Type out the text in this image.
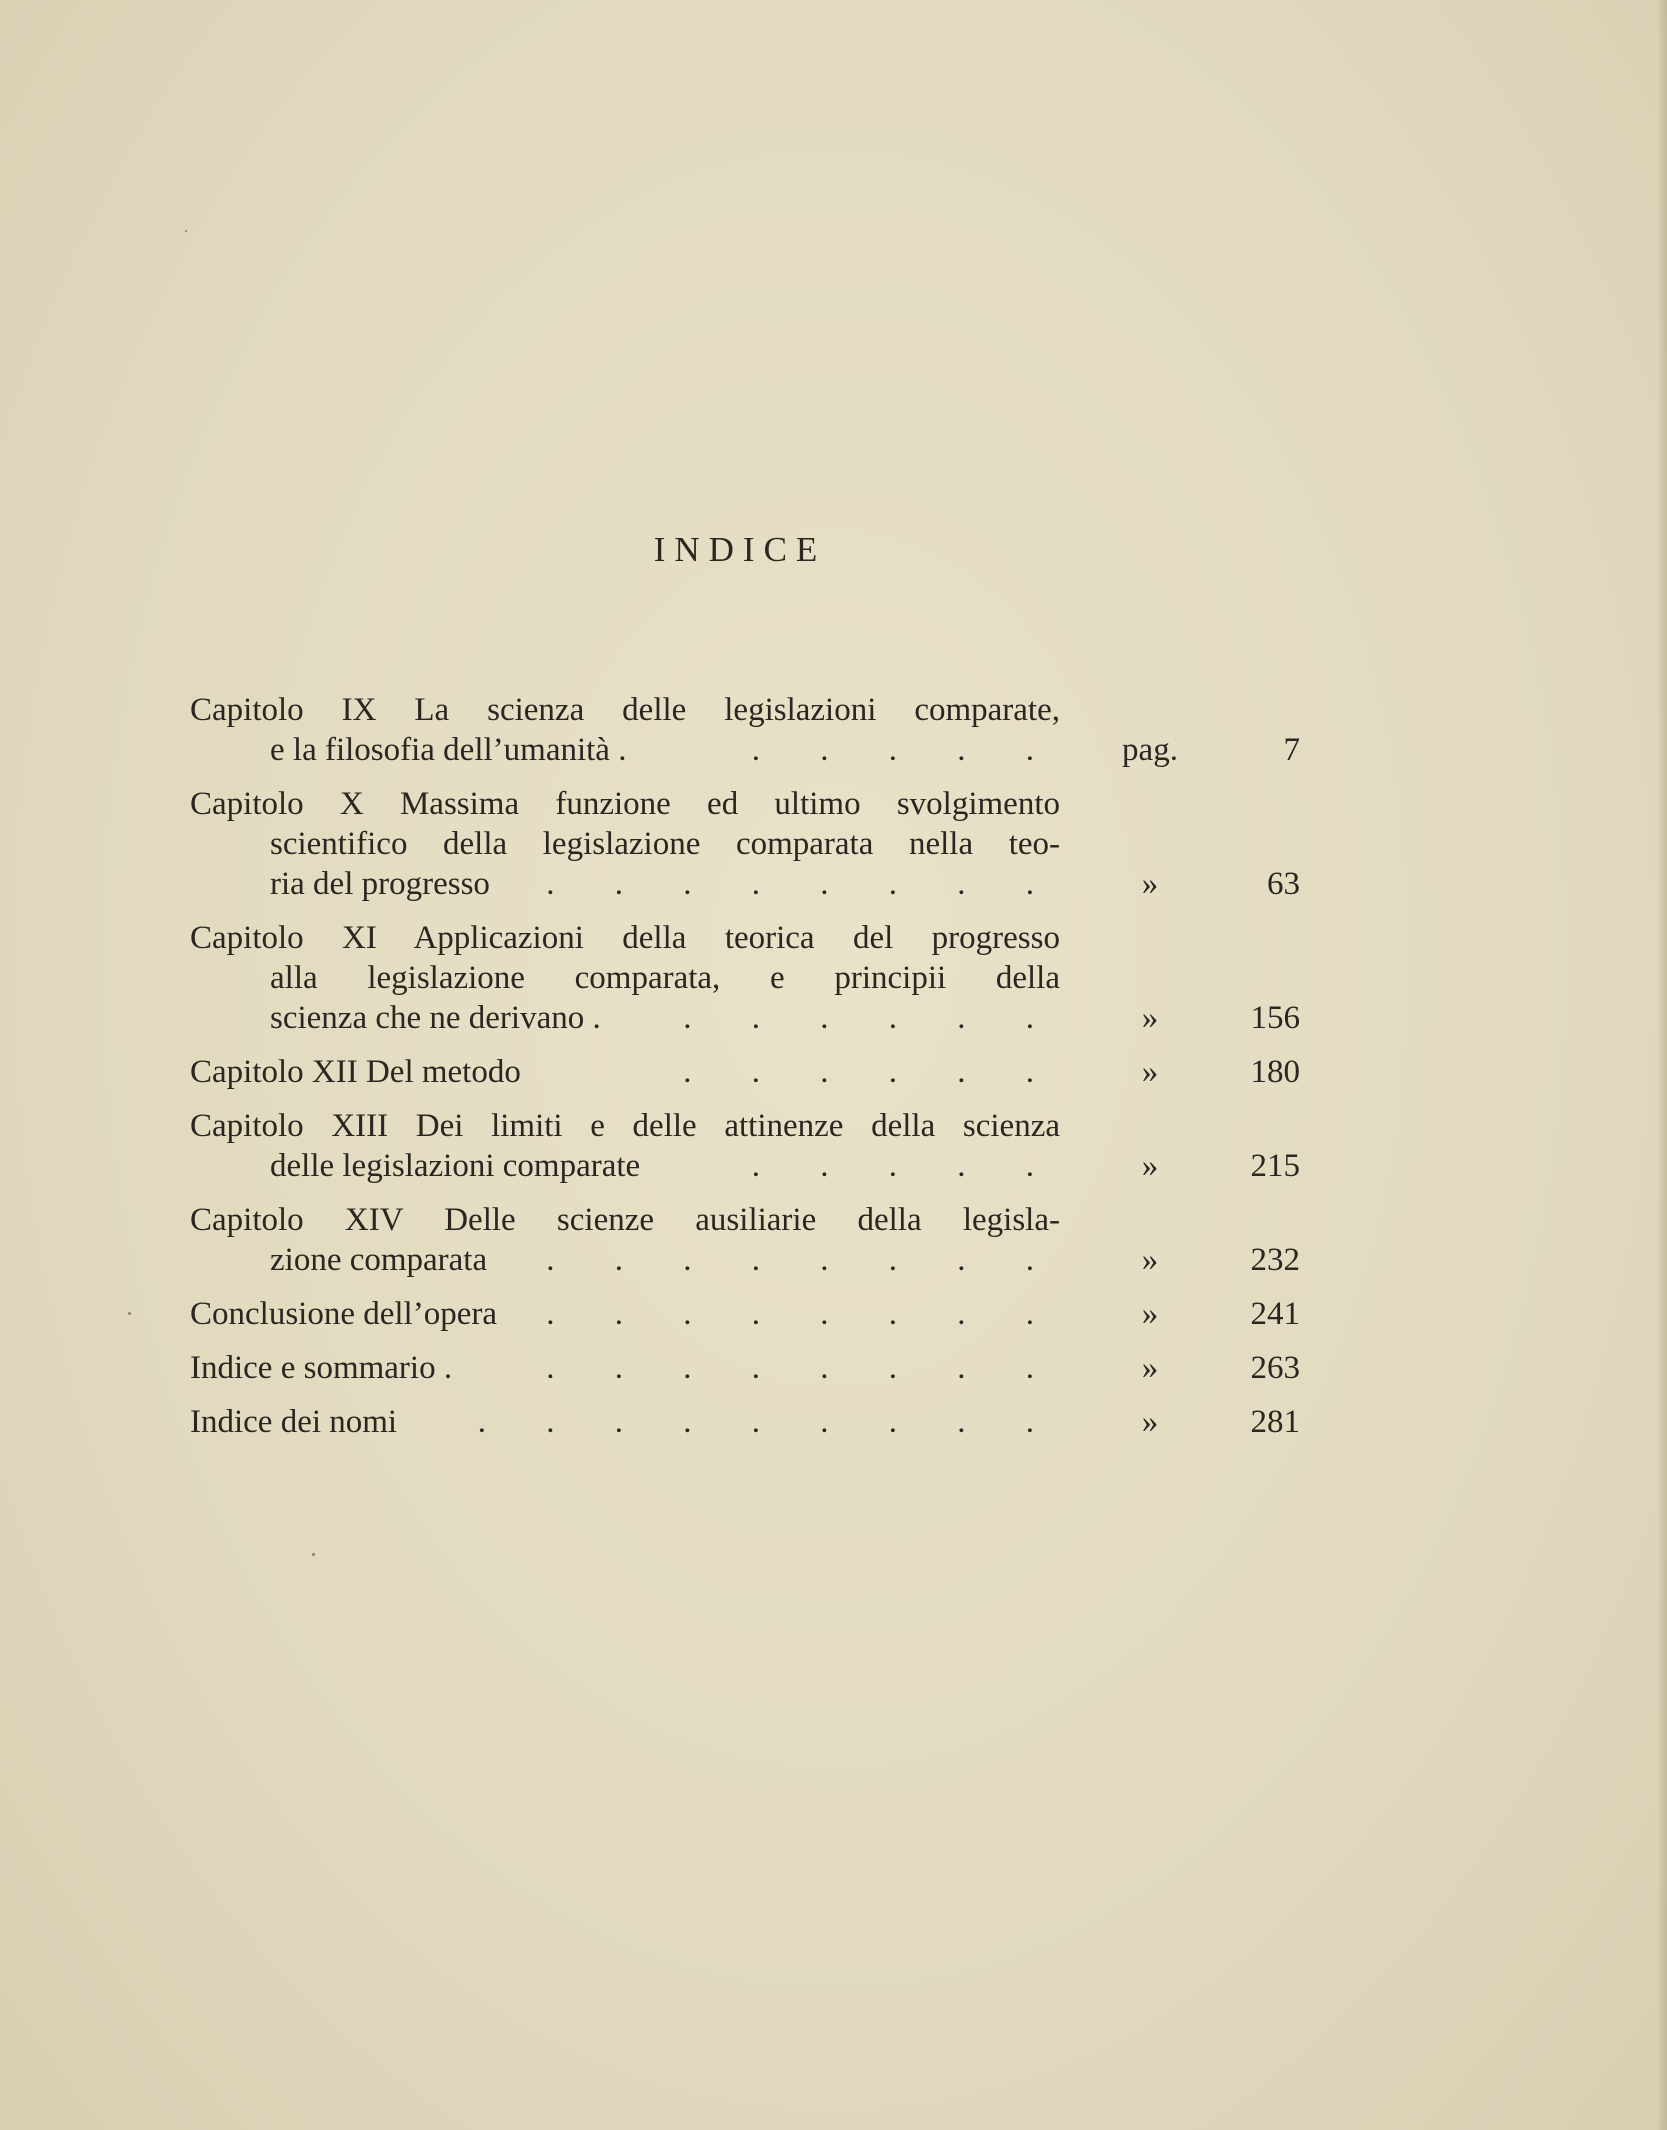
INDICE
Capitolo IX La scienza delle legislazioni comparate,
e la filosofia dell’umanità .	. . . . .	pag.	7
Capitolo X Massima funzione ed ultimo svolgimento
scientifico della legislazione comparata nella teo-
ria del progresso . . . . . . . .	»	63
Capitolo XI Applicazioni della teorica del progresso
alla legislazione comparata, e principii della
scienza che ne derivano .	. . . . . .	»	156
Capitolo XII Del metodo	. . . . . .	»	180
Capitolo XIII Dei limiti e delle attinenze della scienza
delle legislazioni comparate	. . . . .	»	215
Capitolo XIV Delle scienze ausiliarie della legisla-
zione comparata . . . . . . . .	»	232
Conclusione dell’opera . . . . . . . .	»	241
Indice e sommario .	. . . . . . . .	»	263
Indice dei nomi . . . . . . . . .	»	281
